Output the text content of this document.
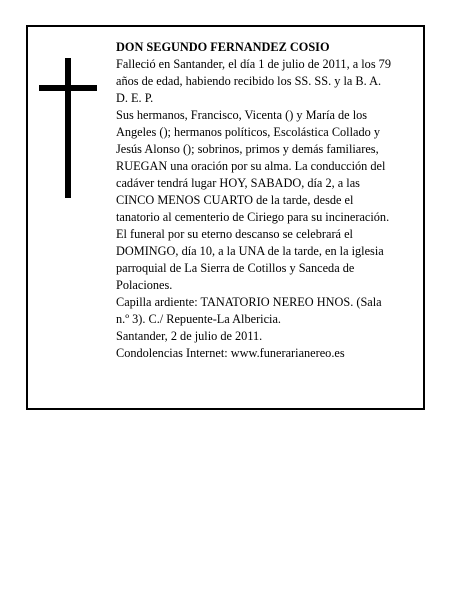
DON SEGUNDO FERNANDEZ COSIO
Falleció en Santander, el día 1 de julio de 2011, a los 79
años de edad, habiendo recibido los SS. SS. y la B. A.
D. E. P.
Sus hermanos, Francisco, Vicenta () y María de los
Angeles (); hermanos políticos, Escolástica Collado y
Jesús Alonso (); sobrinos, primos y demás familiares,
RUEGAN una oración por su alma. La conducción del
cadáver tendrá lugar HOY, SABADO, día 2, a las
CINCO MENOS CUARTO de la tarde, desde el
tanatorio al cementerio de Ciriego para su incineración.
El funeral por su eterno descanso se celebrará el
DOMINGO, día 10, a la UNA de la tarde, en la iglesia
parroquial de La Sierra de Cotillos y Sanceda de
Polaciones.
Capilla ardiente: TANATORIO NEREO HNOS. (Sala
n.º 3). C./ Repuente-La Albericia.
Santander, 2 de julio de 2011.
Condolencias Internet: www.funerarianereo.es
